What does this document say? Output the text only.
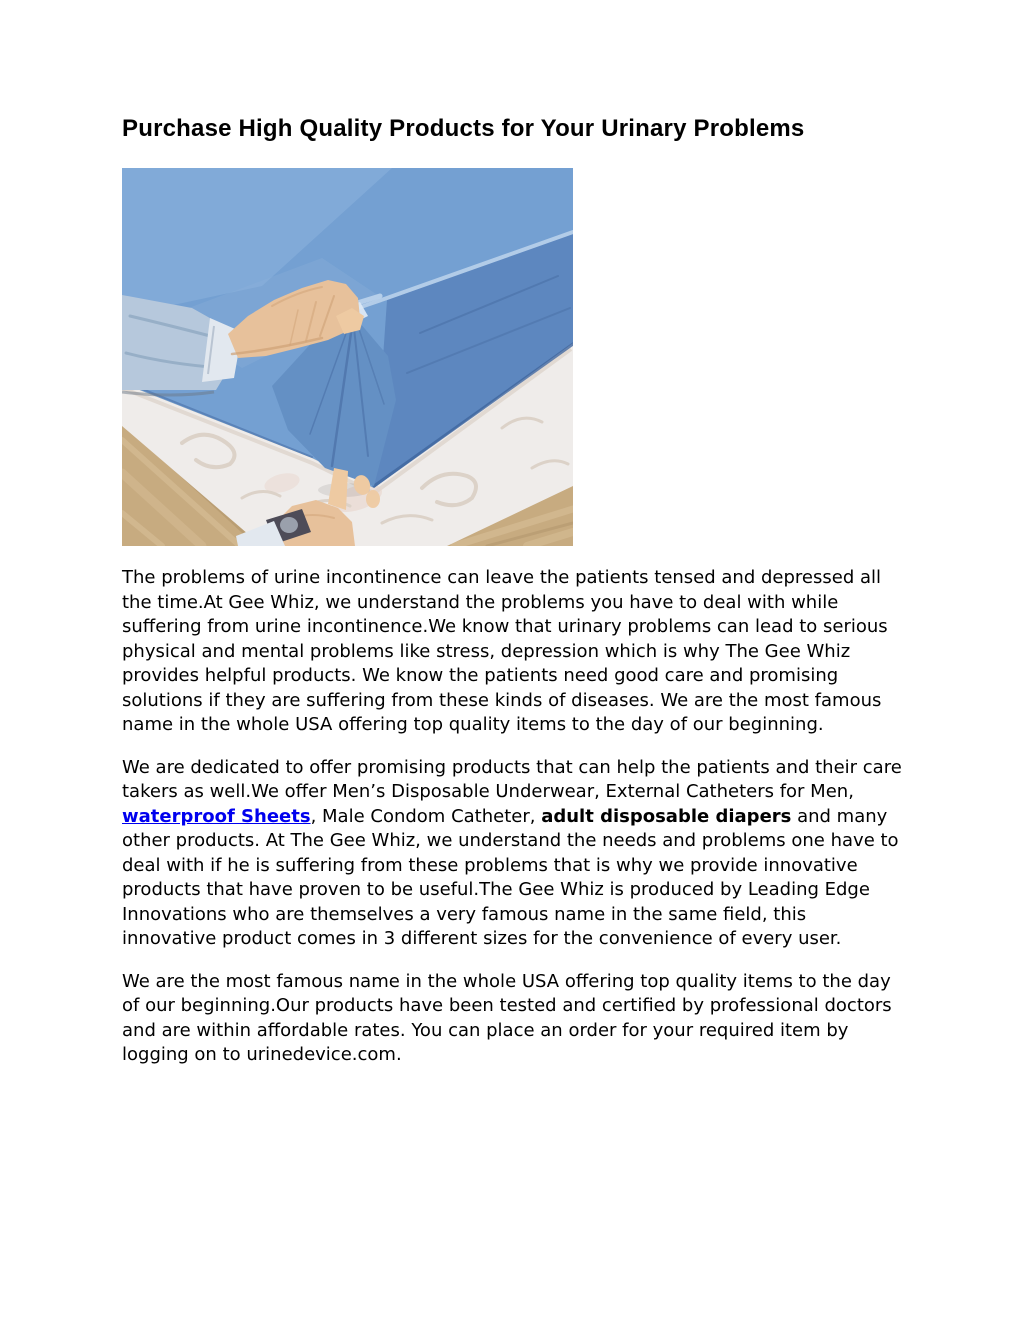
Purchase High Quality Products for Your Urinary Problems

The problems of urine incontinence can leave the patients tensed and depressed all the time.At Gee Whiz, we understand the problems you have to deal with while suffering from urine incontinence.We know that urinary problems can lead to serious physical and mental problems like stress, depression which is why The Gee Whiz provides helpful products. We know the patients need good care and promising solutions if they are suffering from these kinds of diseases. We are the most famous name in the whole USA offering top quality items to the day of our beginning.

We are dedicated to offer promising products that can help the patients and their care takers as well.We offer Men’s Disposable Underwear, External Catheters for Men, waterproof Sheets, Male Condom Catheter, adult disposable diapers and many other products. At The Gee Whiz, we understand the needs and problems one have to deal with if he is suffering from these problems that is why we provide innovative products that have proven to be useful.The Gee Whiz is produced by Leading Edge Innovations who are themselves a very famous name in the same field, this innovative product comes in 3 different sizes for the convenience of every user.

We are the most famous name in the whole USA offering top quality items to the day of our beginning.Our products have been tested and certified by professional doctors and are within affordable rates. You can place an order for your required item by logging on to urinedevice.com.
